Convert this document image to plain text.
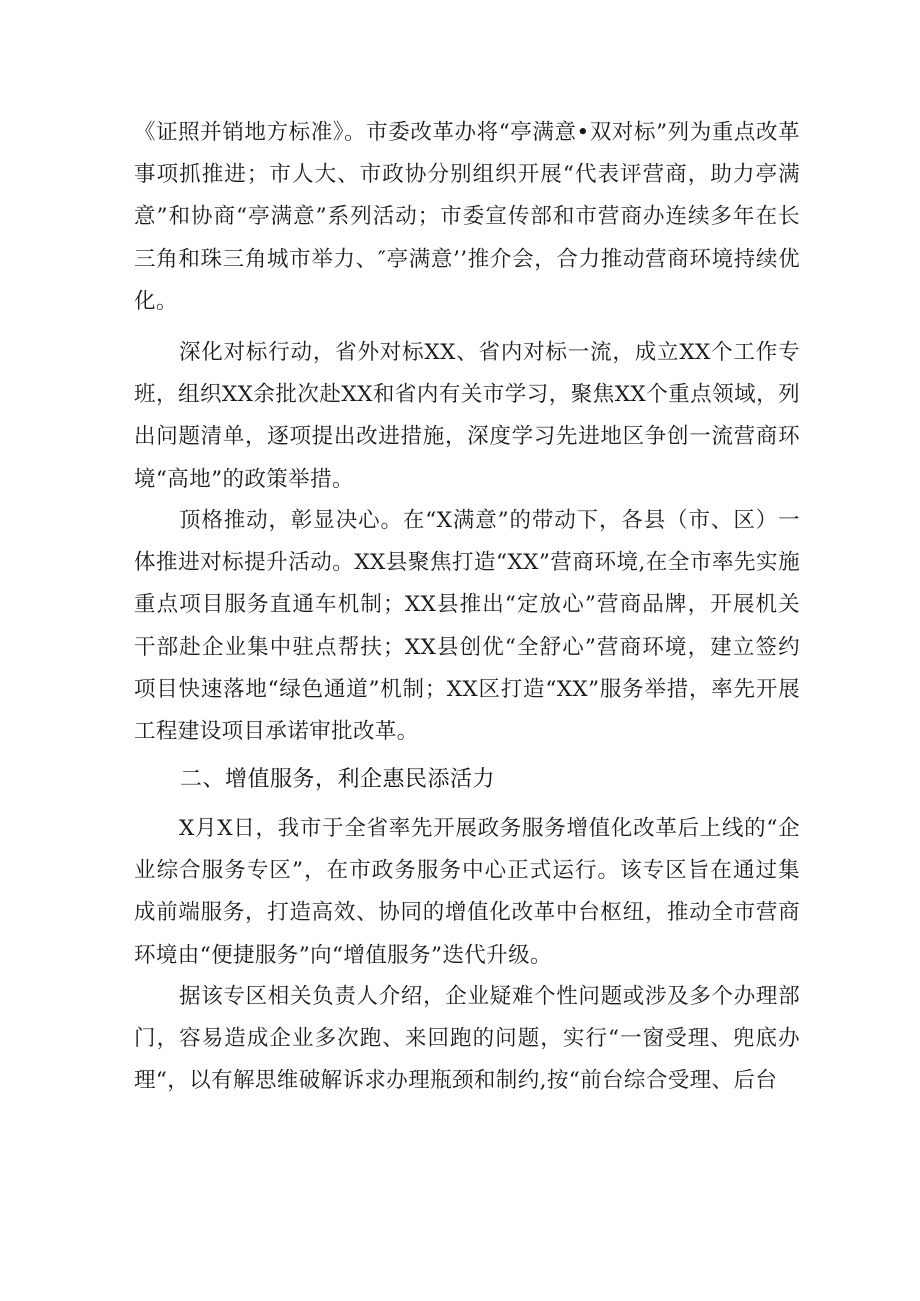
《证照并销地方标准》。市委改革办将“亭满意•双对标”列为重点改革事项抓推进；市人大、市政协分别组织开展“代表评营商，助力亭满意”和协商“亭满意”系列活动；市委宣传部和市营商办连续多年在长三角和珠三角城市举力、″亭满意’’推介会，合力推动营商环境持续优化。

深化对标行动，省外对标XX、省内对标一流，成立XX个工作专班，组织XX余批次赴XX和省内有关市学习，聚焦XX个重点领域，列出问题清单，逐项提出改进措施，深度学习先进地区争创一流营商环境“高地”的政策举措。

顶格推动，彰显决心。在“X满意”的带动下，各县（市、区）一体推进对标提升活动。XX县聚焦打造“XX”营商环境,在全市率先实施重点项目服务直通车机制；XX县推出“定放心”营商品牌，开展机关干部赴企业集中驻点帮扶；XX县创优“全舒心”营商环境，建立签约项目快速落地“绿色通道”机制；XX区打造“XX”服务举措，率先开展工程建设项目承诺审批改革。

二、增值服务，利企惠民添活力

X月X日，我市于全省率先开展政务服务增值化改革后上线的“企业综合服务专区”，在市政务服务中心正式运行。该专区旨在通过集成前端服务，打造高效、协同的增值化改革中台枢纽，推动全市营商环境由“便捷服务”向“增值服务”迭代升级。

据该专区相关负责人介绍，企业疑难个性问题或涉及多个办理部门，容易造成企业多次跑、来回跑的问题，实行“一窗受理、兜底办理“，以有解思维破解诉求办理瓶颈和制约,按“前台综合受理、后台
